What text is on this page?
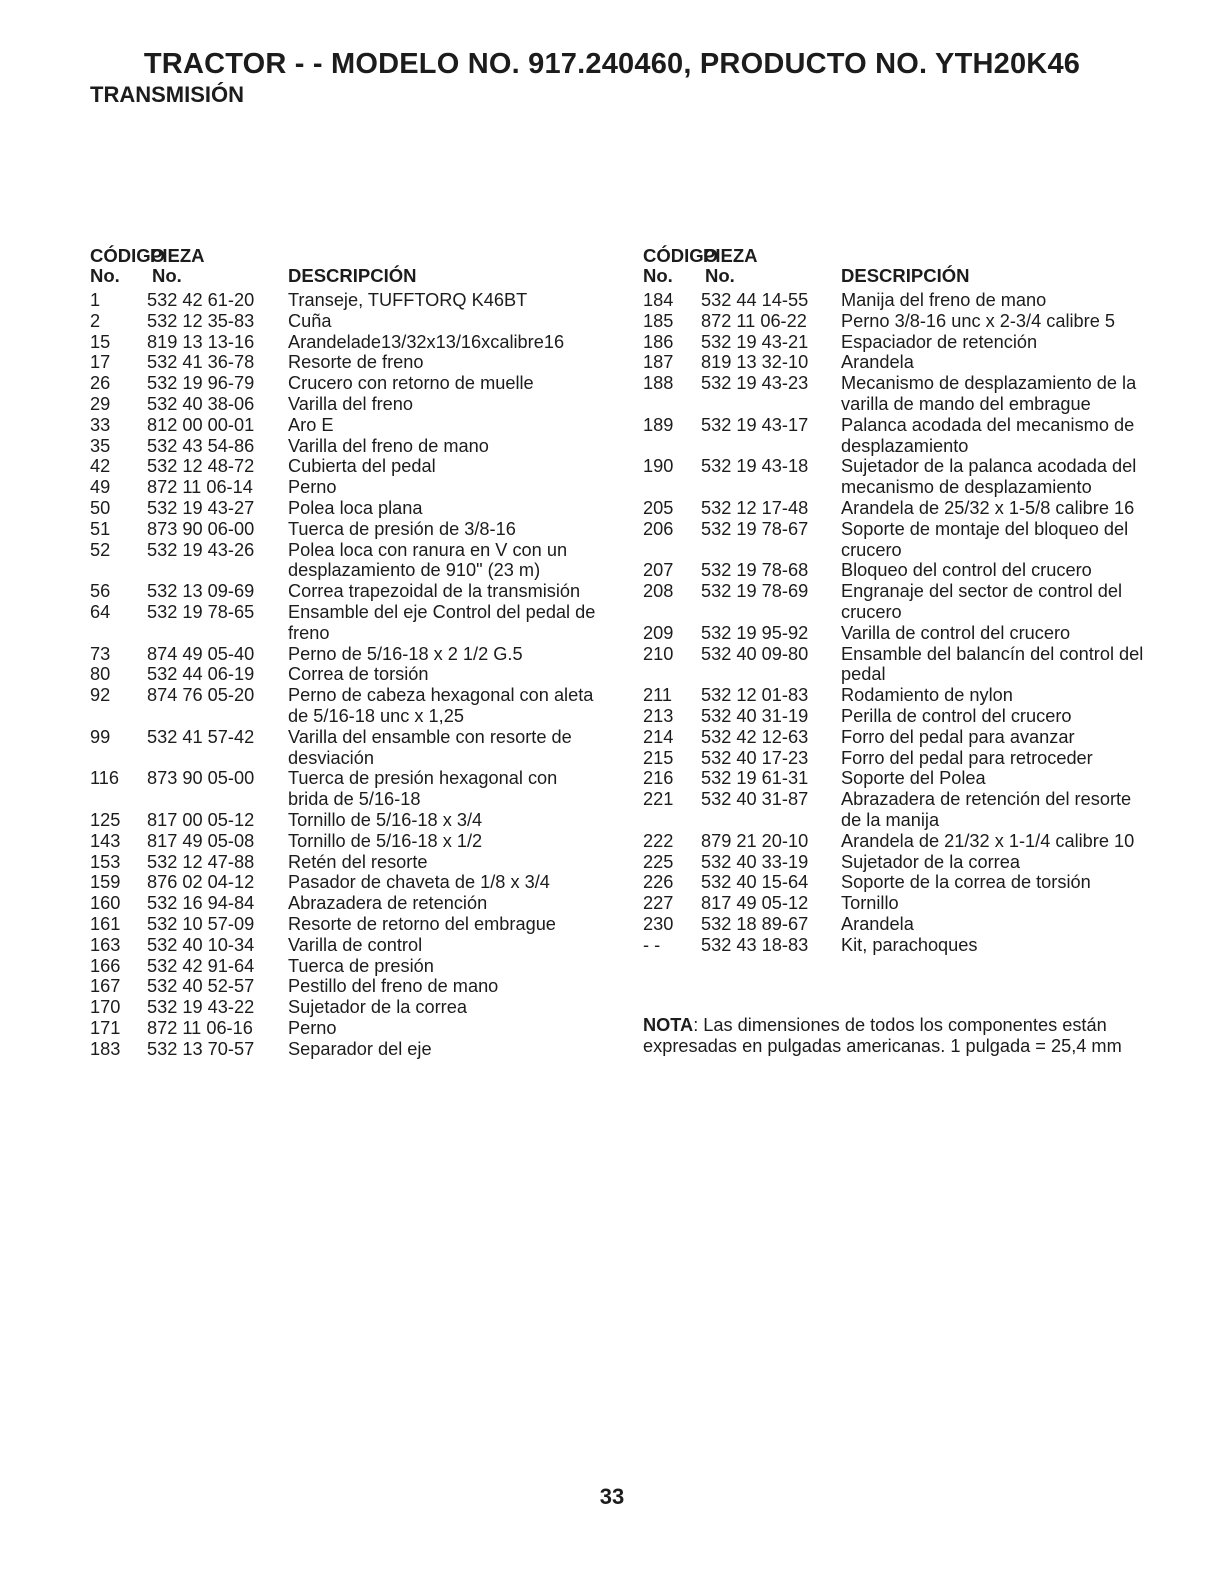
TRACTOR - - MODELO NO. 917.240460, PRODUCTO NO. YTH20K46
TRANSMISIÓN
CÓDIGO
PIEZA
No. No.	DESCRIPCIÓN
1	532 42 61-20	Transeje, TUFFTORQ K46BT
2	532 12 35-83	Cuña
15	819 13 13-16	Arandelade13/32x13/16xcalibre16
17	532 41 36-78	Resorte de freno
26	532 19 96-79	Crucero con retorno de muelle
29	532 40 38-06	Varilla del freno
33	812 00 00-01	Aro E
35	532 43 54-86	Varilla del freno de mano
42	532 12 48-72	Cubierta del pedal
49	872 11 06-14	Perno
50	532 19 43-27	Polea loca plana
51	873 90 06-00	Tuerca de presión de 3/8-16
52	532 19 43-26	Polea loca con ranura en V con un desplazamiento de 910" (23 m)
56	532 13 09-69	Correa trapezoidal de la transmisión
64	532 19 78-65	Ensamble del eje Control del pedal de freno
73	874 49 05-40	Perno de 5/16-18 x 2 1/2 G.5
80	532 44 06-19	Correa de torsión
92	874 76 05-20	Perno de cabeza hexagonal con aleta de 5/16-18 unc x 1,25
99	532 41 57-42	Varilla del ensamble con resorte de desviación
116	873 90 05-00	Tuerca de presión hexagonal con brida de 5/16-18
125	817 00 05-12	Tornillo de 5/16-18 x 3/4
143	817 49 05-08	Tornillo de 5/16-18 x 1/2
153	532 12 47-88	Retén del resorte
159	876 02 04-12	Pasador de chaveta de 1/8 x 3/4
160	532 16 94-84	Abrazadera de retención
161	532 10 57-09	Resorte de retorno del embrague
163	532 40 10-34	Varilla de control
166	532 42 91-64	Tuerca de presión
167	532 40 52-57	Pestillo del freno de mano
170	532 19 43-22	Sujetador de la correa
171	872 11 06-16	Perno
183	532 13 70-57	Separador del eje
CÓDIGO
PIEZA
No. No.	DESCRIPCIÓN
184	532 44 14-55	Manija del freno de mano
185	872 11 06-22	Perno 3/8-16 unc x 2-3/4 calibre 5
186	532 19 43-21	Espaciador de retención
187	819 13 32-10	Arandela
188	532 19 43-23	Mecanismo de desplazamiento de la varilla de mando del embrague
189	532 19 43-17	Palanca acodada del mecanismo de desplazamiento
190	532 19 43-18	Sujetador de la palanca acodada del mecanismo de desplazamiento
205	532 12 17-48	Arandela de 25/32 x 1-5/8 calibre 16
206	532 19 78-67	Soporte de montaje del bloqueo del crucero
207	532 19 78-68	Bloqueo del control del crucero
208	532 19 78-69	Engranaje del sector de control del crucero
209	532 19 95-92	Varilla de control del crucero
210	532 40 09-80	Ensamble del balancín del control del pedal
211	532 12 01-83	Rodamiento de nylon
213	532 40 31-19	Perilla de control del crucero
214	532 42 12-63	Forro del pedal para avanzar
215	532 40 17-23	Forro del pedal para retroceder
216	532 19 61-31	Soporte del Polea
221	532 40 31-87	Abrazadera de retención del resorte de la manija
222	879 21 20-10	Arandela de 21/32 x 1-1/4 calibre 10
225	532 40 33-19	Sujetador de la correa
226	532 40 15-64	Soporte de la correa de torsión
227	817 49 05-12	Tornillo
230	532 18 89-67	Arandela
- -	532 43 18-83	Kit, parachoques
NOTA: Las dimensiones de todos los componentes están expresadas en pulgadas americanas. 1 pulgada = 25,4 mm
33
